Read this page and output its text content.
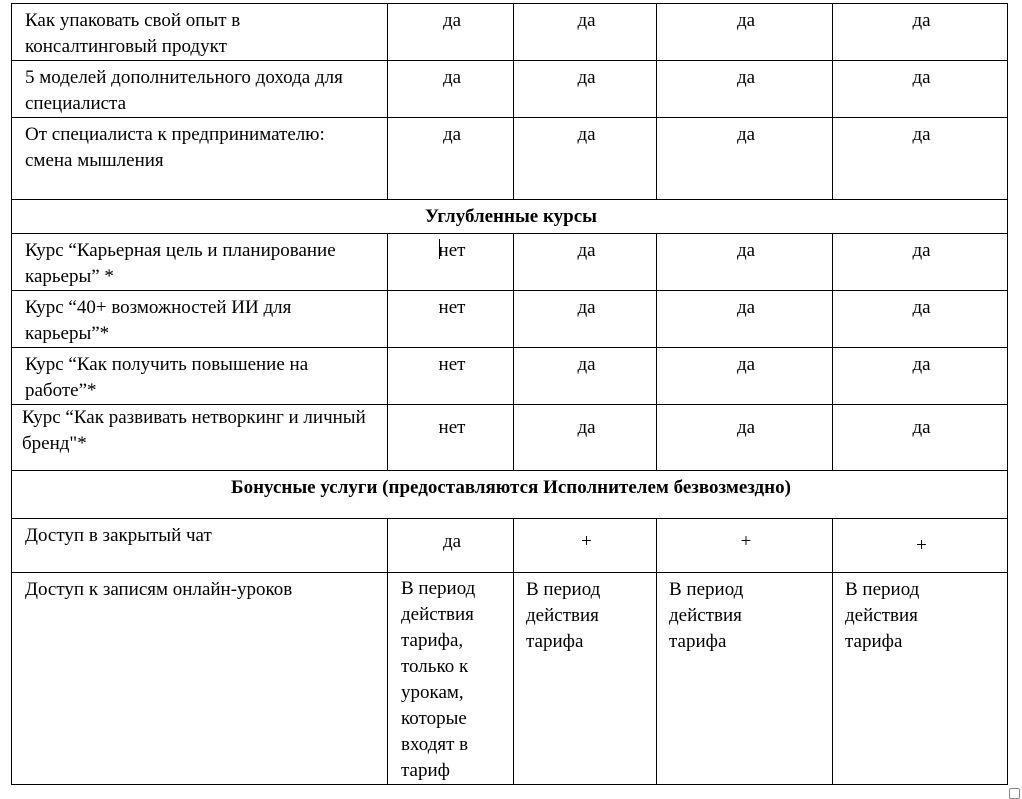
Как упаковать свой опыт в консалтинговый продукт	да	да	да	да
5 моделей дополнительного дохода для специалиста	да	да	да	да
От специалиста к предпринимателю: смена мышления	да	да	да	да
Углубленные курсы				
Курс “Карьерная цель и планирование карьеры” *	нет	да	да	да
Курс “40+ возможностей ИИ для карьеры”*	нет	да	да	да
Курс “Как получить повышение на работе”*	нет	да	да	да
Курс “Как развивать нетворкинг и личный бренд"*	нет	да	да	да
Бонусные услуги (предоставляются Исполнителем безвозмездно)				
Доступ в закрытый чат	да	+	+	+
Доступ к записям онлайн-уроков	В период действия тарифа, только к урокам, которые входят в тариф	В период действия тарифа	В период действия тарифа	В период действия тарифа
